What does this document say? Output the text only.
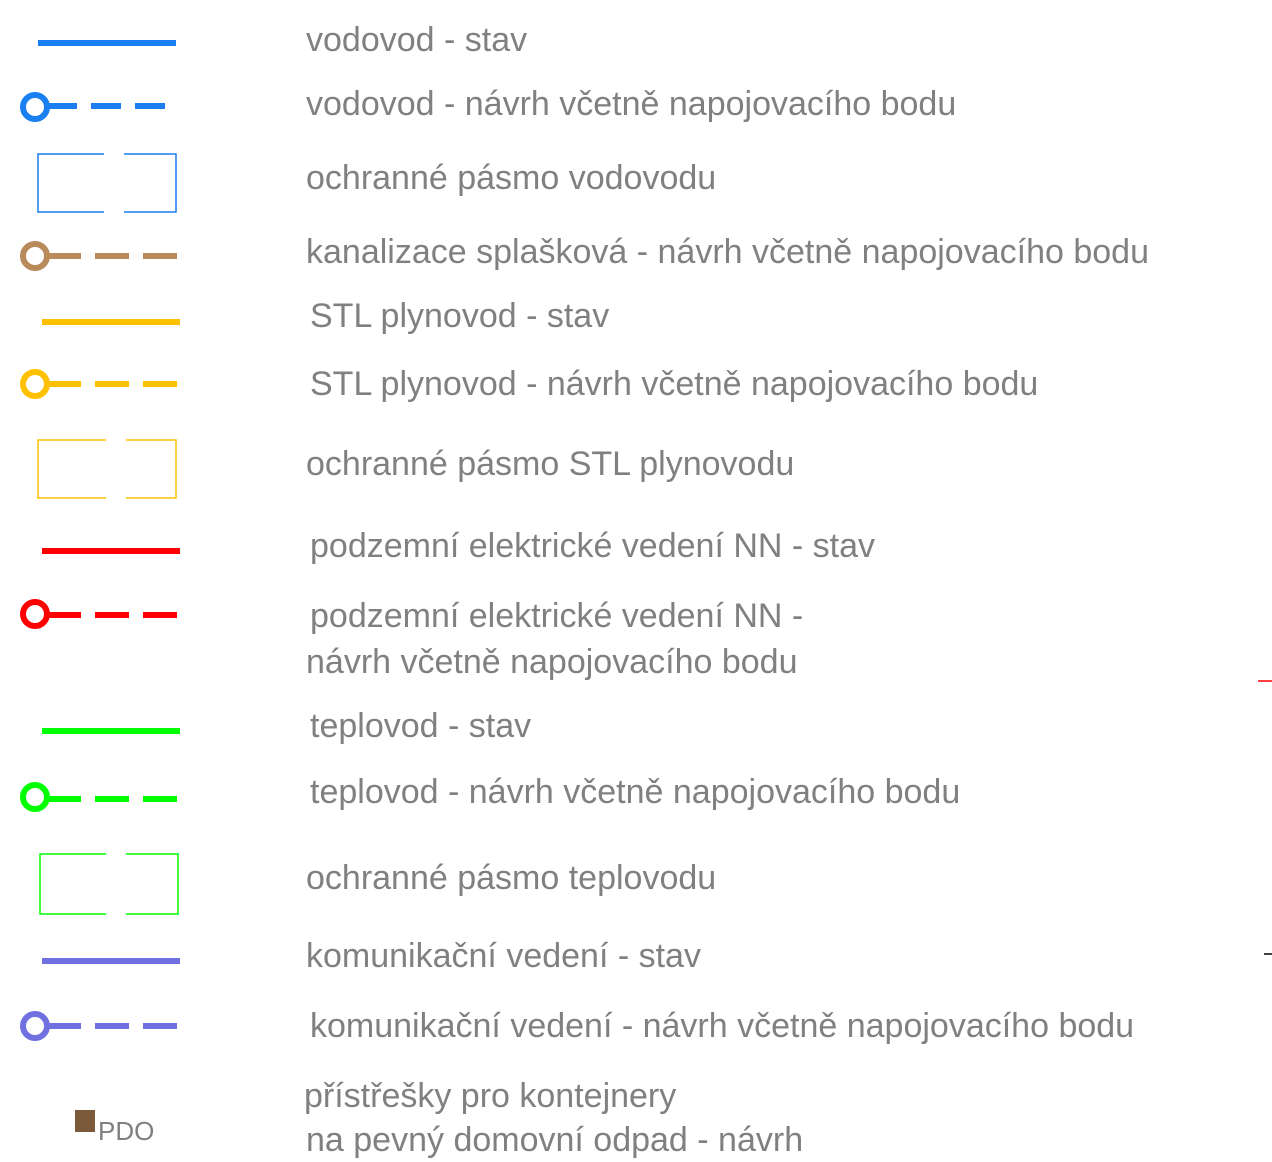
vodovod - stav
vodovod - návrh včetně napojovacího bodu
ochranné pásmo vodovodu
kanalizace splašková - návrh včetně napojovacího bodu
STL plynovod - stav
STL plynovod - návrh včetně napojovacího bodu
ochranné pásmo STL plynovodu
podzemní elektrické vedení NN - stav
podzemní elektrické vedení NN -
návrh včetně napojovacího bodu
teplovod - stav
teplovod - návrh včetně napojovacího bodu
ochranné pásmo teplovodu
komunikační vedení - stav
komunikační vedení - návrh včetně napojovacího bodu
přístřešky pro kontejnery
na pevný domovní odpad - návrh
PDO
